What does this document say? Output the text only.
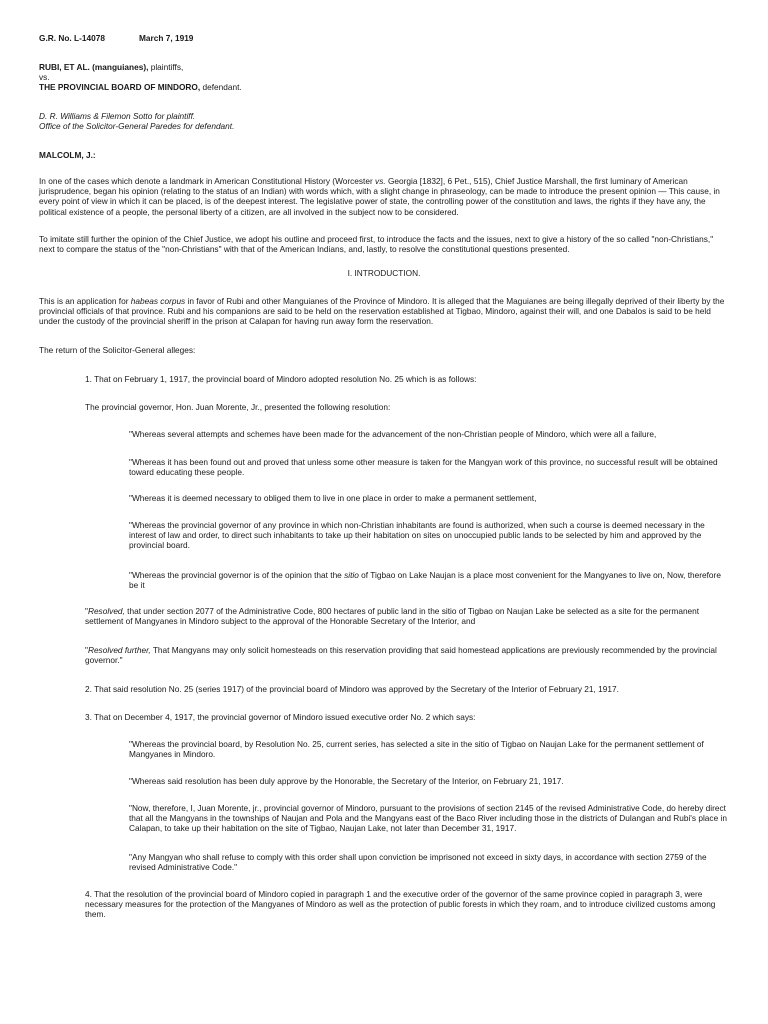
G.R. No. L-14078	March 7, 1919

RUBI, ET AL. (manguianes), plaintiffs,
vs.
THE PROVINCIAL BOARD OF MINDORO, defendant.

D. R. Williams & Filemon Sotto for plaintiff.
Office of the Solicitor-General Paredes for defendant.

MALCOLM, J.:

In one of the cases which denote a landmark in American Constitutional History (Worcester vs. Georgia [1832], 6 Pet., 515), Chief Justice Marshall, the first luminary of American jurisprudence, began his opinion (relating to the status of an Indian) with words which, with a slight change in phraseology, can be made to introduce the present opinion — This cause, in every point of view in which it can be placed, is of the deepest interest. The legislative power of state, the controlling power of the constitution and laws, the rights if they have any, the political existence of a people, the personal liberty of a citizen, are all involved in the subject now to be considered.

To imitate still further the opinion of the Chief Justice, we adopt his outline and proceed first, to introduce the facts and the issues, next to give a history of the so called "non-Christians," next to compare the status of the "non-Christians" with that of the American Indians, and, lastly, to resolve the constitutional questions presented.

I. INTRODUCTION.

This is an application for habeas corpus in favor of Rubi and other Manguianes of the Province of Mindoro. It is alleged that the Maguianes are being illegally deprived of their liberty by the provincial officials of that province. Rubi and his companions are said to be held on the reservation established at Tigbao, Mindoro, against their will, and one Dabalos is said to be held under the custody of the provincial sheriff in the prison at Calapan for having run away form the reservation.

The return of the Solicitor-General alleges:

1. That on February 1, 1917, the provincial board of Mindoro adopted resolution No. 25 which is as follows:

The provincial governor, Hon. Juan Morente, Jr., presented the following resolution:

"Whereas several attempts and schemes have been made for the advancement of the non-Christian people of Mindoro, which were all a failure,

"Whereas it has been found out and proved that unless some other measure is taken for the Mangyan work of this province, no successful result will be obtained toward educating these people.

"Whereas it is deemed necessary to obliged them to live in one place in order to make a permanent settlement,

"Whereas the provincial governor of any province in which non-Christian inhabitants are found is authorized, when such a course is deemed necessary in the interest of law and order, to direct such inhabitants to take up their habitation on sites on unoccupied public lands to be selected by him and approved by the provincial board.

"Whereas the provincial governor is of the opinion that the sitio of Tigbao on Lake Naujan is a place most convenient for the Mangyanes to live on, Now, therefore be it

"Resolved, that under section 2077 of the Administrative Code, 800 hectares of public land in the sitio of Tigbao on Naujan Lake be selected as a site for the permanent settlement of Mangyanes in Mindoro subject to the approval of the Honorable Secretary of the Interior, and

"Resolved further, That Mangyans may only solicit homesteads on this reservation providing that said homestead applications are previously recommended by the provincial governor."

2. That said resolution No. 25 (series 1917) of the provincial board of Mindoro was approved by the Secretary of the Interior of February 21, 1917.

3. That on December 4, 1917, the provincial governor of Mindoro issued executive order No. 2 which says:

"Whereas the provincial board, by Resolution No. 25, current series, has selected a site in the sitio of Tigbao on Naujan Lake for the permanent settlement of Mangyanes in Mindoro.

"Whereas said resolution has been duly approve by the Honorable, the Secretary of the Interior, on February 21, 1917.

"Now, therefore, I, Juan Morente, jr., provincial governor of Mindoro, pursuant to the provisions of section 2145 of the revised Administrative Code, do hereby direct that all the Mangyans in the townships of Naujan and Pola and the Mangyans east of the Baco River including those in the districts of Dulangan and Rubi's place in Calapan, to take up their habitation on the site of Tigbao, Naujan Lake, not later than December 31, 1917.

"Any Mangyan who shall refuse to comply with this order shall upon conviction be imprisoned not exceed in sixty days, in accordance with section 2759 of the revised Administrative Code."

4. That the resolution of the provincial board of Mindoro copied in paragraph 1 and the executive order of the governor of the same province copied in paragraph 3, were necessary measures for the protection of the Mangyanes of Mindoro as well as the protection of public forests in which they roam, and to introduce civilized customs among them.
